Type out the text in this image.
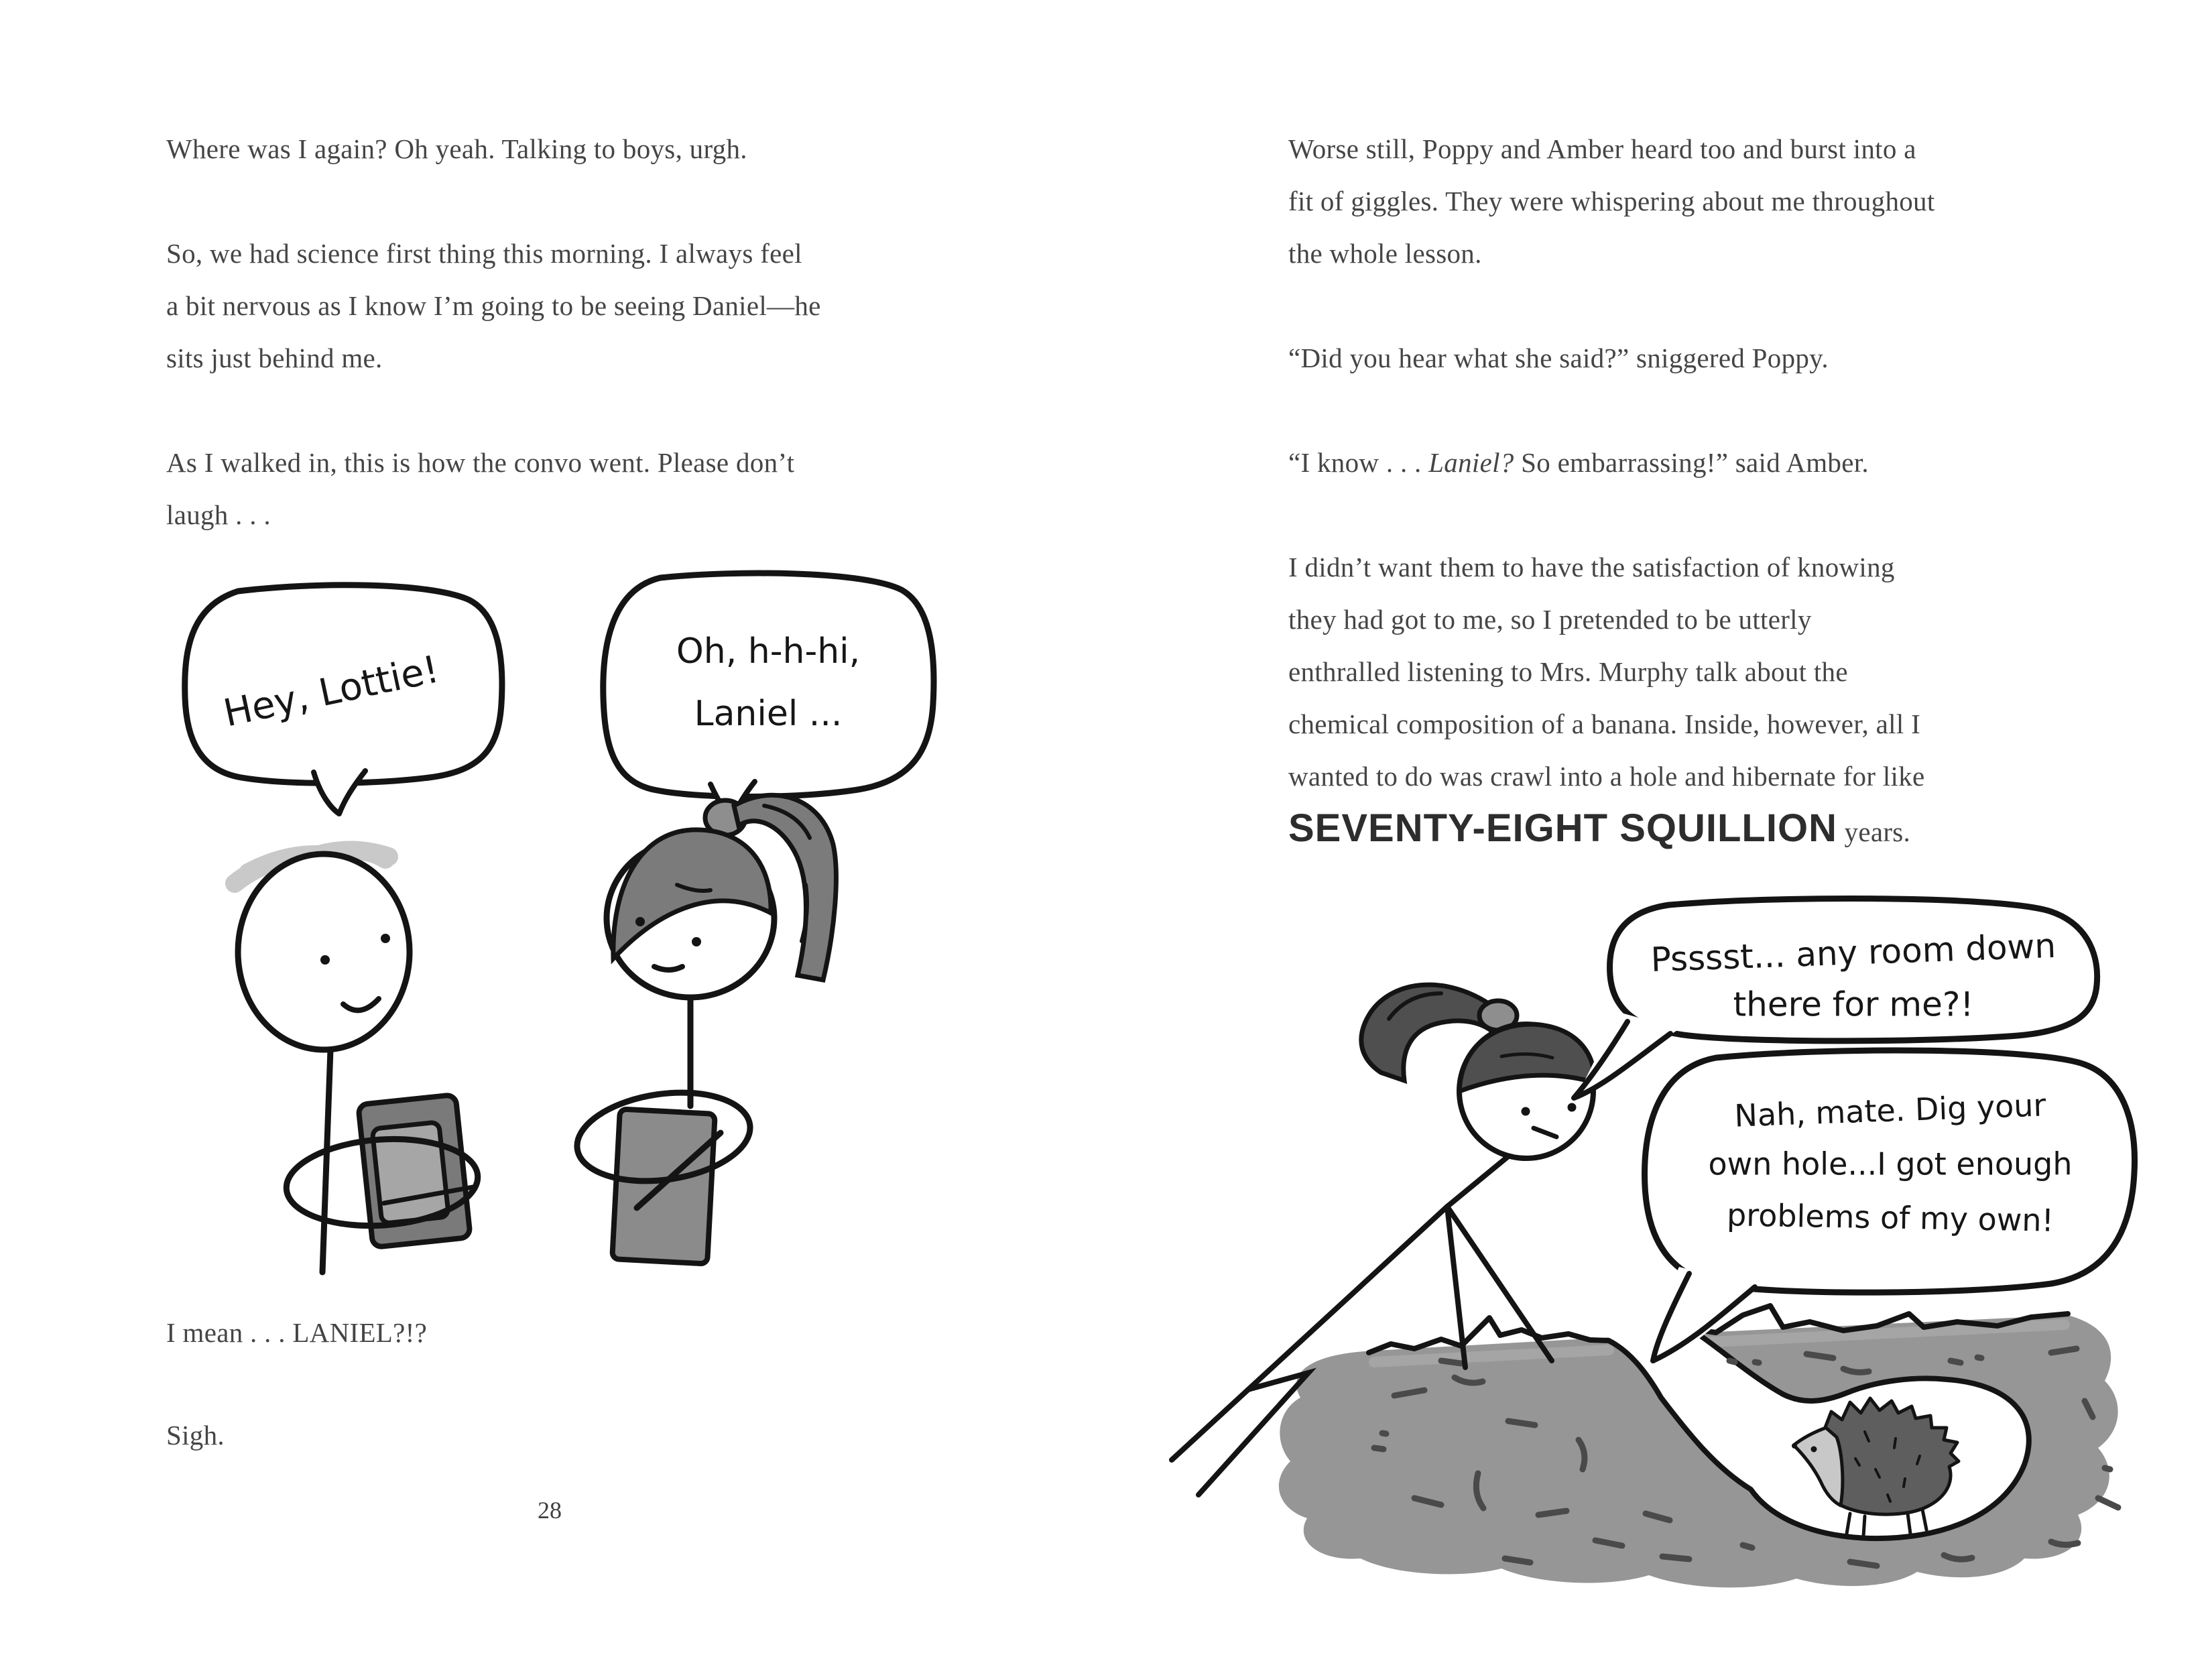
Where was I again? Oh yeah. Talking to boys, urgh.
So, we had science first thing this morning. I always feel
a bit nervous as I know I’m going to be seeing Daniel—he
sits just behind me.
As I walked in, this is how the convo went. Please don’t
laugh . . .
Hey, Lottie!	Oh, h-h-hi,
Laniel ...
I mean . . . LANIEL?!?
Sigh.
28
Worse still, Poppy and Amber heard too and burst into a
fit of giggles. They were whispering about me throughout
the whole lesson.
“Did you hear what she said?” sniggered Poppy.
“I know . . . Laniel? So embarrassing!” said Amber.
I didn’t want them to have the satisfaction of knowing
they had got to me, so I pretended to be utterly
enthralled listening to Mrs. Murphy talk about the
chemical composition of a banana. Inside, however, all I
wanted to do was crawl into a hole and hibernate for like
SEVENTY-EIGHT SQUILLION years.
Psssst... any room down
there for me?!
Nah, mate. Dig your
own hole...I got enough
problems of my own!
